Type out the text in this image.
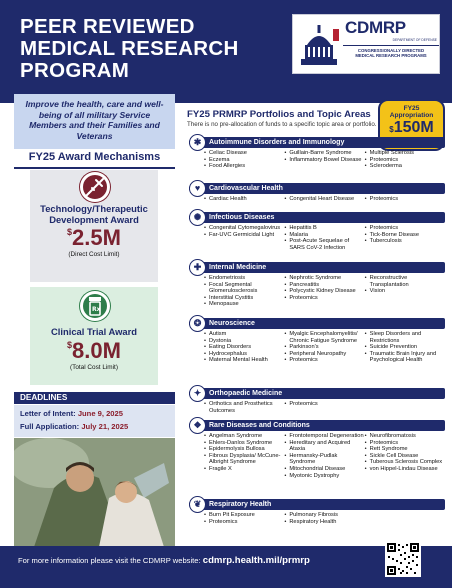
PEER REVIEWED
MEDICAL RESEARCH
PROGRAM
CDMRP
DEPARTMENT OF DEFENSE
CONGRESSIONALLY DIRECTED
MEDICAL RESEARCH PROGRAMS

Improve the health, care and well-being of all military Service Members and their Families and Veterans

FY25 Award Mechanisms
Technology/Therapeutic
Development Award
$2.5M
(Direct Cost Limit)
Clinical Trial Award
$8.0M
(Total Cost Limit)
Rx
DEADLINES
Letter of Intent: June 9, 2025
Full Application: July 21, 2025
FY25 PRMRP Portfolios and Topic Areas
There is no pre-allocation of funds to a specific topic area or portfolio.
FY25
Appropriation
$150M
✱	Autoimmune Disorders and Immunology
• Celiac Disease
• Eczema
• Food Allergies
• Guillain-Barre Syndrome
• Inflammatory Bowel Disease
• Multiple Sclerosis
• Proteomics
• Scleroderma
♥	Cardiovascular Health
• Cardiac Health	• Congenital Heart Disease	• Proteomics
✺	Infectious Diseases
• Congenital Cytomegalovirus
• Far-UVC Germicidal Light
• Hepatitis B
• Malaria
• Post-Acute Sequelae of SARS CoV-2 Infection
• Proteomics
• Tick-Borne Disease
• Tuberculosis
✚	Internal Medicine
• Endometriosis
• Focal Segmental Glomerulosclerosis
• Interstitial Cystitis
• Menopause
• Nephrotic Syndrome
• Pancreatitis
• Polycystic Kidney Disease
• Proteomics
• Reconstructive Transplantation
• Vision
❂	Neuroscience
• Autism
• Dystonia
• Eating Disorders
• Hydrocephalus
• Maternal Mental Health
• Myalgic Encephalomyelitis/ Chronic Fatigue Syndrome
• Parkinson's
• Peripheral Neuropathy
• Proteomics
• Sleep Disorders and Restrictions
• Suicide Prevention
• Traumatic Brain Injury and Psychological Health
✦	Orthopaedic Medicine
• Orthotics and Prosthetics Outcomes
• Proteomics
❖	Rare Diseases and Conditions
• Angelman Syndrome
• Ehlers-Danlos Syndrome
• Epidermolysis Bullosa
• Fibrous Dysplasia/ McCune-Albright Syndrome
• Fragile X
• Frontotemporal Degeneration
• Hereditary and Acquired Ataxia
• Hermansky-Pudlak Syndrome
• Mitochondrial Disease
• Myotonic Dystrophy
• Neurofibromatosis
• Proteomics
• Rett Syndrome
• Sickle Cell Disease
• Tuberous Sclerosis Complex
• von Hippel-Lindau Disease
❦	Respiratory Health
• Burn Pit Exposure
• Proteomics
• Pulmonary Fibrosis
• Respiratory Health
For more information please visit the CDMRP website: cdmrp.health.mil/prmrp
